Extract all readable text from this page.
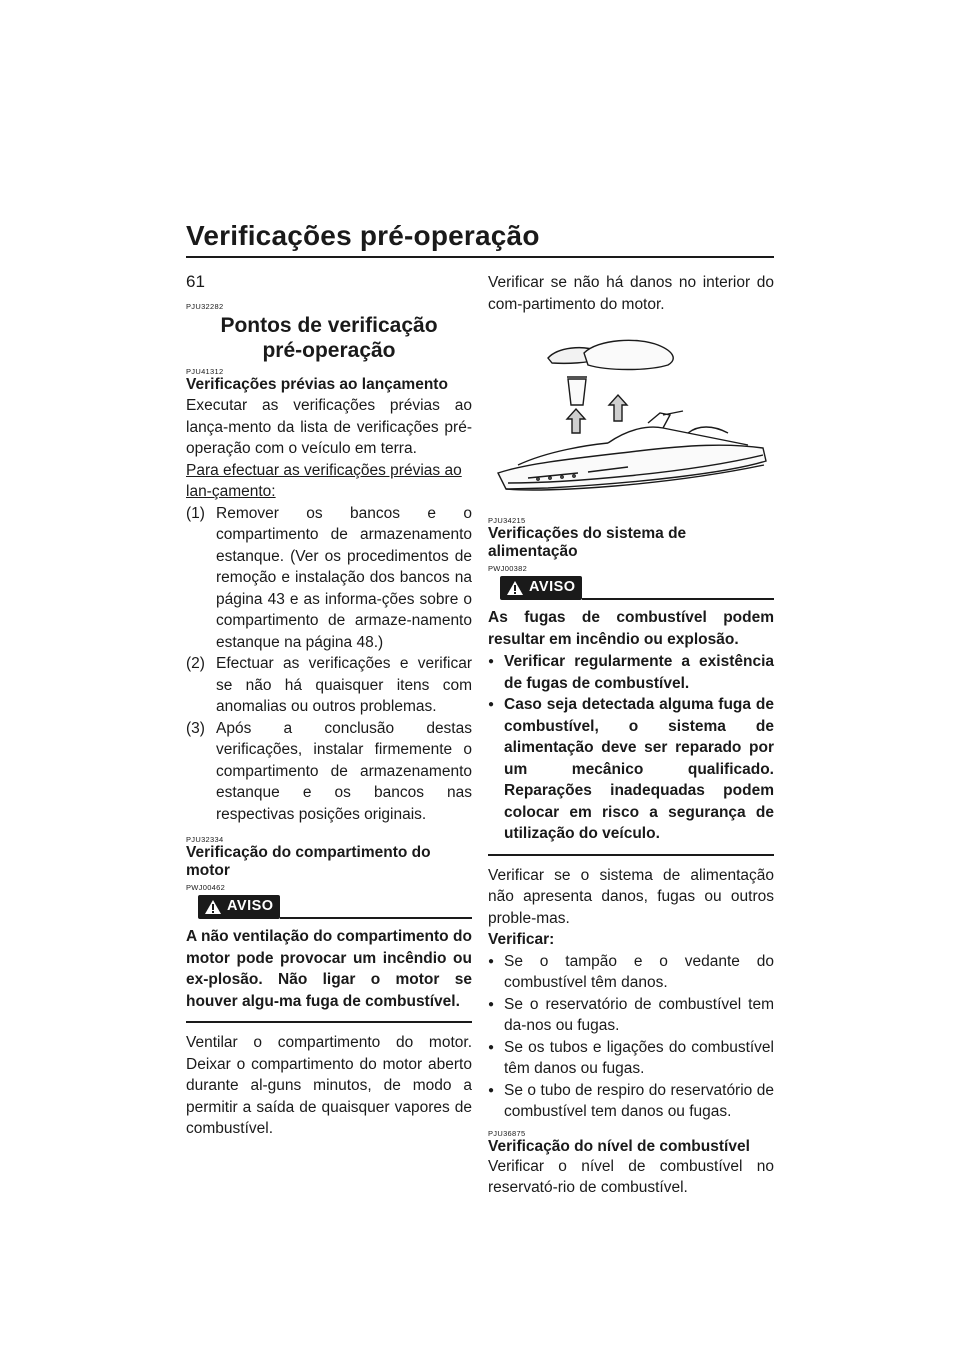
Verificações pré-operação
61

PJU32282

Pontos de verificação pré-operação

PJU41312

Verificações prévias ao lançamento

Executar as verificações prévias ao lança-mento da lista de verificações pré-operação com o veículo em terra.

Para efectuar as verificações prévias ao lan-çamento:

(1) Remover os bancos e o compartimento de armazenamento estanque. (Ver os procedimentos de remoção e instalação dos bancos na página 43 e as informa-ções sobre o compartimento de armaze-namento estanque na página 48.)
(2) Efectuar as verificações e verificar se não há quaisquer itens com anomalias ou outros problemas.
(3) Após a conclusão destas verificações, instalar firmemente o compartimento de armazenamento estanque e os bancos nas respectivas posições originais.

PJU32334

Verificação do compartimento do motor

PWJ00462

AVISO

A não ventilação do compartimento do motor pode provocar um incêndio ou ex-plosão. Não ligar o motor se houver algu-ma fuga de combustível.

Ventilar o compartimento do motor. Deixar o compartimento do motor aberto durante al-guns minutos, de modo a permitir a saída de quaisquer vapores de combustível.

Verificar se não há danos no interior do com-partimento do motor.

PJU34215

Verificações do sistema de alimentação

PWJ00382

AVISO

As fugas de combustível podem resultar em incêndio ou explosão.

● Verificar regularmente a existência de fugas de combustível.
● Caso seja detectada alguma fuga de combustível, o sistema de alimentação deve ser reparado por um mecânico qualificado. Reparações inadequadas podem colocar em risco a segurança de utilização do veículo.

Verificar se o sistema de alimentação não apresenta danos, fugas ou outros proble-mas.

Verificar:

● Se o tampão e o vedante do combustível têm danos.
● Se o reservatório de combustível tem da-nos ou fugas.
● Se os tubos e ligações do combustível têm danos ou fugas.
● Se o tubo de respiro do reservatório de combustível tem danos ou fugas.

PJU36875

Verificação do nível de combustível

Verificar o nível de combustível no reservató-rio de combustível.
